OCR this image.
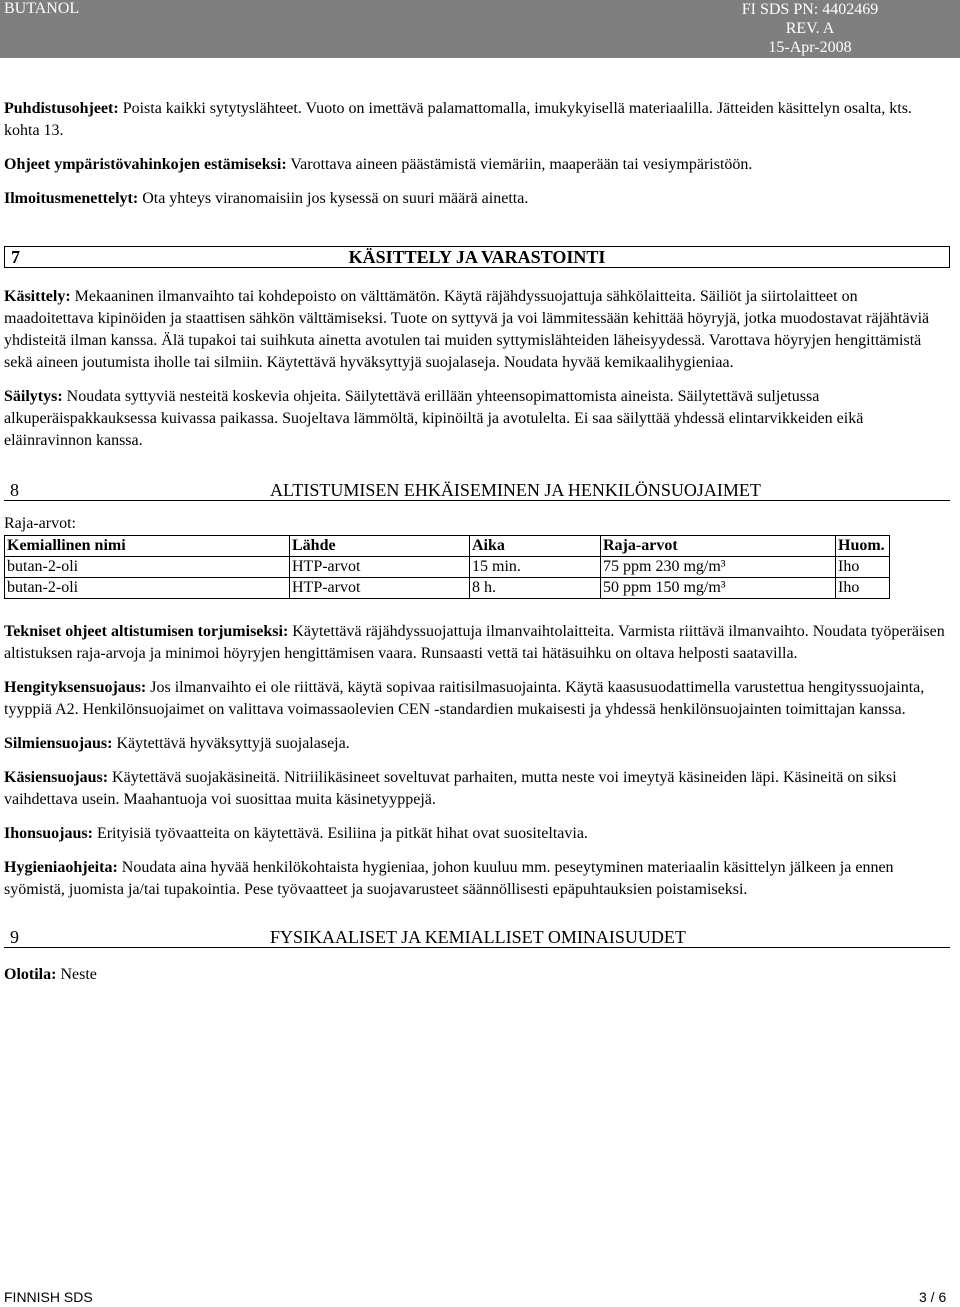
BUTANOL	FI SDS PN: 4402469
REV. A
15-Apr-2008

Puhdistusohjeet: Poista kaikki sytytyslähteet. Vuoto on imettävä palamattomalla, imukykyisellä materiaalilla. Jätteiden käsittelyn osalta, kts. kohta 13.

Ohjeet ympäristövahinkojen estämiseksi: Varottava aineen päästämistä viemäriin, maaperään tai vesiympäristöön.

Ilmoitusmenettelyt: Ota yhteys viranomaisiin jos kysessä on suuri määrä ainetta.

7	KÄSITTELY JA VARASTOINTI

Käsittely: Mekaaninen ilmanvaihto tai kohdepoisto on välttämätön. Käytä räjähdyssuojattuja sähkölaitteita. Säiliöt ja siirtolaitteet on maadoitettava kipinöiden ja staattisen sähkön välttämiseksi. Tuote on syttyvä ja voi lämmitessään kehittää höyryjä, jotka muodostavat räjähtäviä yhdisteitä ilman kanssa. Älä tupakoi tai suihkuta ainetta avotulen tai muiden syttymislähteiden läheisyydessä. Varottava höyryjen hengittämistä sekä aineen joutumista iholle tai silmiin. Käytettävä hyväksyttyjä suojalaseja. Noudata hyvää kemikaalihygieniaa.

Säilytys: Noudata syttyviä nesteitä koskevia ohjeita. Säilytettävä erillään yhteensopimattomista aineista. Säilytettävä suljetussa alkuperäispakkauksessa kuivassa paikassa. Suojeltava lämmöltä, kipinöiltä ja avotulelta. Ei saa säilyttää yhdessä elintarvikkeiden eikä eläinravinnon kanssa.

8	ALTISTUMISEN EHKÄISEMINEN JA HENKILÖNSUOJAIMET
Raja-arvot:
Kemiallinen nimi	Lähde	Aika	Raja-arvot	Huom.
butan-2-oli	HTP-arvot	15 min.	75 ppm 230 mg/m³	Iho
butan-2-oli	HTP-arvot	8 h.	50 ppm 150 mg/m³	Iho

Tekniset ohjeet altistumisen torjumiseksi: Käytettävä räjähdyssuojattuja ilmanvaihtolaitteita. Varmista riittävä ilmanvaihto. Noudata työperäisen altistuksen raja-arvoja ja minimoi höyryjen hengittämisen vaara. Runsaasti vettä tai hätäsuihku on oltava helposti saatavilla.

Hengityksensuojaus: Jos ilmanvaihto ei ole riittävä, käytä sopivaa raitisilmasuojainta. Käytä kaasusuodattimella varustettua hengityssuojainta, tyyppiä A2. Henkilönsuojaimet on valittava voimassaolevien CEN -standardien mukaisesti ja yhdessä henkilönsuojainten toimittajan kanssa.

Silmiensuojaus: Käytettävä hyväksyttyjä suojalaseja.

Käsiensuojaus: Käytettävä suojakäsineitä. Nitriilikäsineet soveltuvat parhaiten, mutta neste voi imeytyä käsineiden läpi. Käsineitä on siksi vaihdettava usein. Maahantuoja voi suosittaa muita käsinetyyppejä.

Ihonsuojaus: Erityisiä työvaatteita on käytettävä. Esiliina ja pitkät hihat ovat suositeltavia.

Hygieniaohjeita: Noudata aina hyvää henkilökohtaista hygieniaa, johon kuuluu mm. peseytyminen materiaalin käsittelyn jälkeen ja ennen syömistä, juomista ja/tai tupakointia. Pese työvaatteet ja suojavarusteet säännöllisesti epäpuhtauksien poistamiseksi.

9	FYSIKAALISET JA KEMIALLISET OMINAISUUDET

Olotila: Neste

FINNISH SDS	3 / 6
